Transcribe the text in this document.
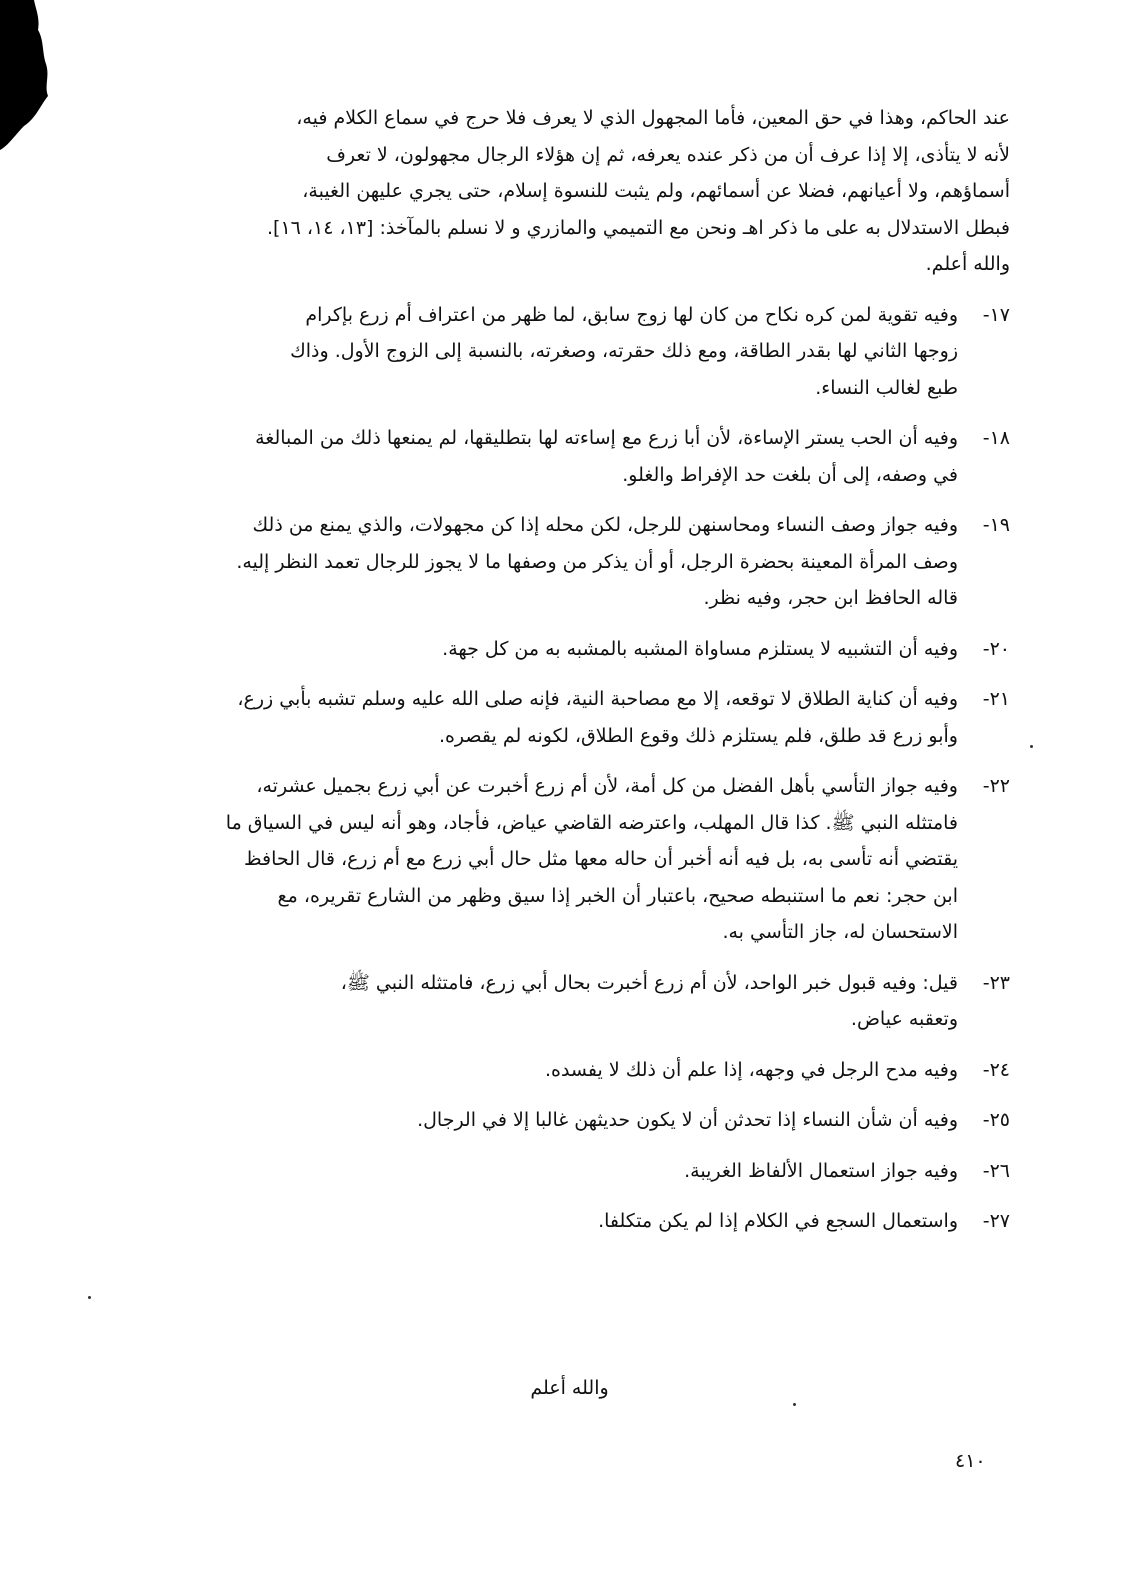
عند الحاكم، وهذا في حق المعين، فأما المجهول الذي لا يعرف فلا حرج في سماع الكلام فيه،
لأنه لا يتأذى، إلا إذا عرف أن من ذكر عنده يعرفه، ثم إن هؤلاء الرجال مجهولون، لا تعرف
أسماؤهم، ولا أعيانهم، فضلا عن أسمائهم، ولم يثبت للنسوة إسلام، حتى يجري عليهن الغيبة،
فبطل الاستدلال به على ما ذكر اهـ ونحن مع التميمي والمازري و لا نسلم بالمآخذ: [١٣، ١٤، ١٦].
والله أعلم.
١٧-
وفيه تقوية لمن كره نكاح من كان لها زوج سابق، لما ظهر من اعتراف أم زرع بإكرام
زوجها الثاني لها بقدر الطاقة، ومع ذلك حقرته، وصغرته، بالنسبة إلى الزوج الأول. وذاك
طبع لغالب النساء.
١٨-
وفيه أن الحب يستر الإساءة، لأن أبا زرع مع إساءته لها بتطليقها، لم يمنعها ذلك من المبالغة
في وصفه، إلى أن بلغت حد الإفراط والغلو.
١٩-
وفيه جواز وصف النساء ومحاسنهن للرجل، لكن محله إذا كن مجهولات، والذي يمنع من ذلك
وصف المرأة المعينة بحضرة الرجل، أو أن يذكر من وصفها ما لا يجوز للرجال تعمد النظر إليه.
قاله الحافظ ابن حجر، وفيه نظر.
٢٠-
وفيه أن التشبيه لا يستلزم مساواة المشبه بالمشبه به من كل جهة.
٢١-
وفيه أن كناية الطلاق لا توقعه، إلا مع مصاحبة النية، فإنه صلى الله عليه وسلم تشبه بأبي زرع،
وأبو زرع قد طلق، فلم يستلزم ذلك وقوع الطلاق، لكونه لم يقصره.
٢٢-
وفيه جواز التأسي بأهل الفضل من كل أمة، لأن أم زرع أخبرت عن أبي زرع بجميل عشرته،
فامتثله النبي ﷺ. كذا قال المهلب، واعترضه القاضي عياض، فأجاد، وهو أنه ليس في السياق ما
يقتضي أنه تأسى به، بل فيه أنه أخبر أن حاله معها مثل حال أبي زرع مع أم زرع، قال الحافظ
ابن حجر: نعم ما استنبطه صحيح، باعتبار أن الخبر إذا سيق وظهر من الشارع تقريره، مع
الاستحسان له، جاز التأسي به.
٢٣-
قيل: وفيه قبول خبر الواحد، لأن أم زرع أخبرت بحال أبي زرع، فامتثله النبي ﷺ،
وتعقبه عياض.
٢٤-
وفيه مدح الرجل في وجهه، إذا علم أن ذلك لا يفسده.
٢٥-
وفيه أن شأن النساء إذا تحدثن أن لا يكون حديثهن غالبا إلا في الرجال.
٢٦-
وفيه جواز استعمال الألفاظ الغريبة.
٢٧-
واستعمال السجع في الكلام إذا لم يكن متكلفا.
والله أعلم
٤١٠
